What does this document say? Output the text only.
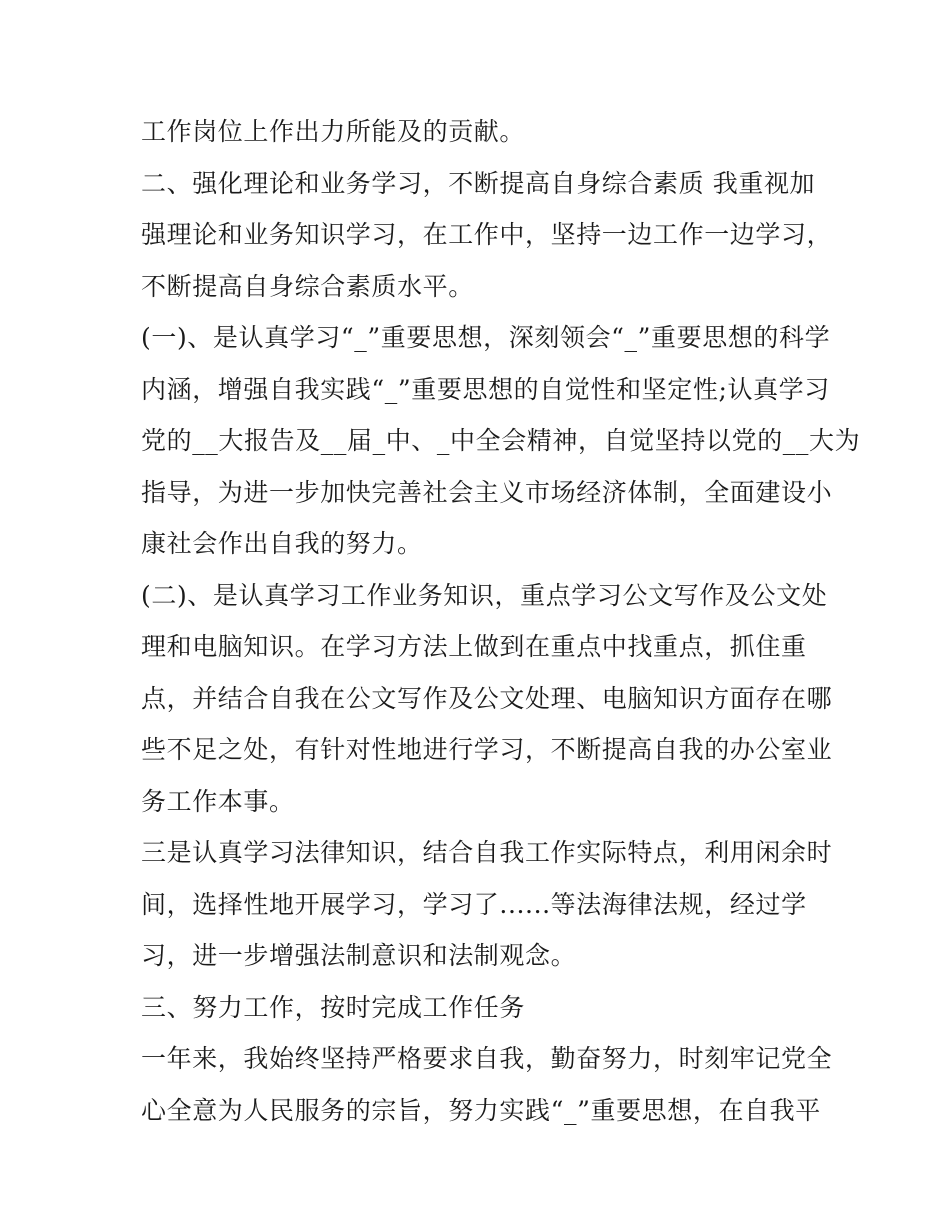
工作岗位上作出力所能及的贡献。
二、强化理论和业务学习，不断提高自身综合素质 我重视加
强理论和业务知识学习，在工作中，坚持一边工作一边学习，
不断提高自身综合素质水平。
(一)、是认真学习“_”重要思想，深刻领会“_”重要思想的科学
内涵，增强自我实践“_”重要思想的自觉性和坚定性;认真学习
党的__大报告及__届_中、_中全会精神，自觉坚持以党的__大为
指导，为进一步加快完善社会主义市场经济体制，全面建设小
康社会作出自我的努力。
(二)、是认真学习工作业务知识，重点学习公文写作及公文处
理和电脑知识。在学习方法上做到在重点中找重点，抓住重
点，并结合自我在公文写作及公文处理、电脑知识方面存在哪
些不足之处，有针对性地进行学习，不断提高自我的办公室业
务工作本事。
三是认真学习法律知识，结合自我工作实际特点，利用闲余时
间，选择性地开展学习，学习了......等法海律法规，经过学
习，进一步增强法制意识和法制观念。
三、努力工作，按时完成工作任务
一年来，我始终坚持严格要求自我，勤奋努力，时刻牢记党全
心全意为人民服务的宗旨，努力实践“_”重要思想，在自我平
